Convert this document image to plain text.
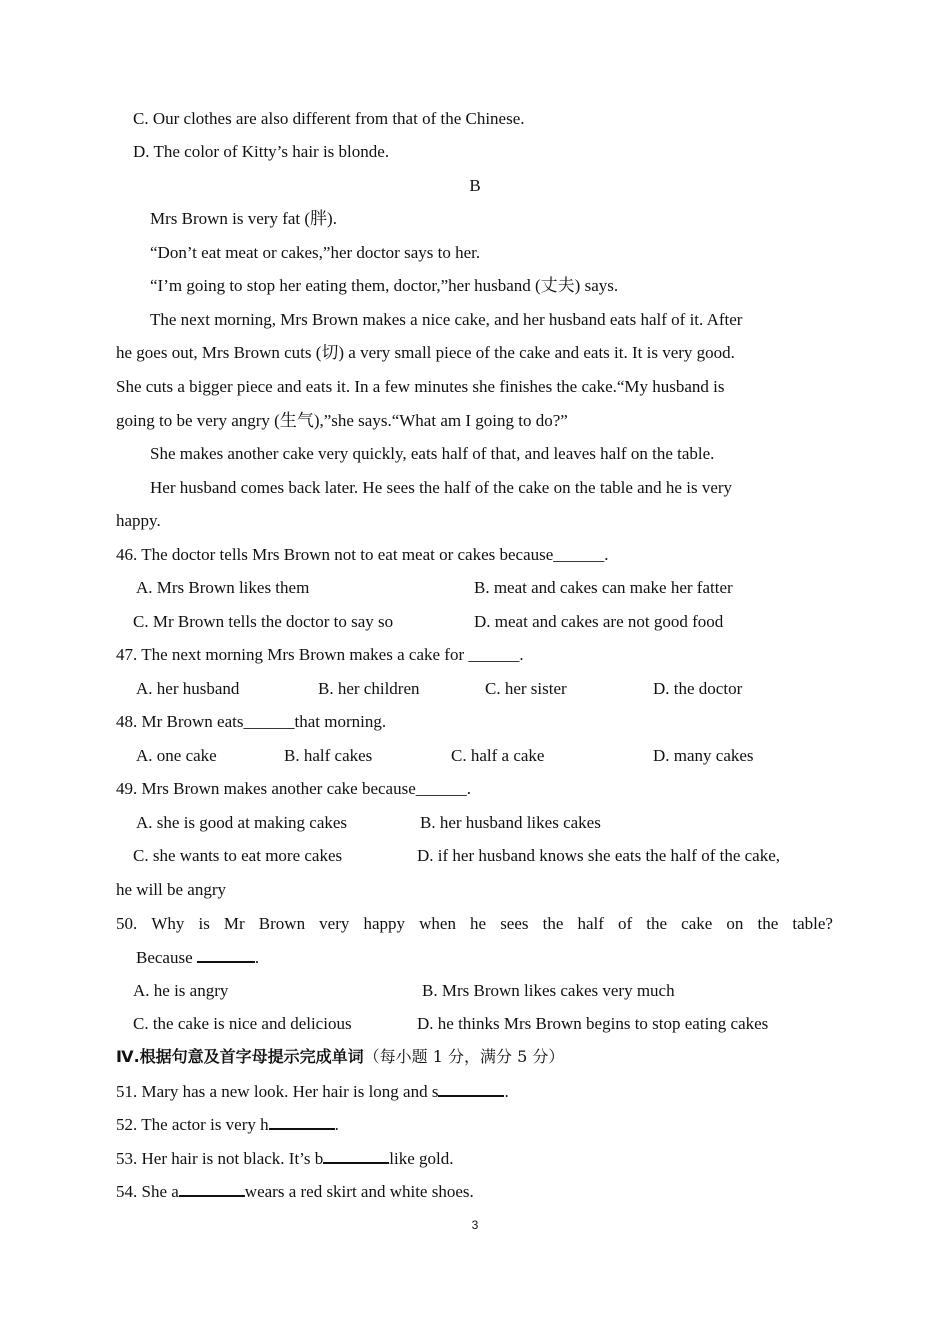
C. Our clothes are also different from that of the Chinese.
D. The color of Kitty’s hair is blonde.
B
Mrs Brown is very fat (胖).
“Don’t eat meat or cakes,”her doctor says to her.
“I’m going to stop her eating them, doctor,”her husband (丈夫) says.
The next morning, Mrs Brown makes a nice cake, and her husband eats half of it. After
he goes out, Mrs Brown cuts (切) a very small piece of the cake and eats it. It is very good.
She cuts a bigger piece and eats it. In a few minutes she finishes the cake.“My husband is
going to be very angry (生气),”she says.“What am I going to do?”
She makes another cake very quickly, eats half of that, and leaves half on the table.
Her husband comes back later. He sees the half of the cake on the table and he is very
happy.
46. The doctor tells Mrs Brown not to eat meat or cakes because______.
A. Mrs Brown likes them	B. meat and cakes can make her fatter
C. Mr Brown tells the doctor to say so	D. meat and cakes are not good food
47. The next morning Mrs Brown makes a cake for ______.
A. her husband	B. her children	C. her sister	D. the doctor
48. Mr Brown eats______that morning.
A. one cake	B. half cakes	C. half a cake	D. many cakes
49. Mrs Brown makes another cake because______.
A. she is good at making cakes	B. her husband likes cakes
C. she wants to eat more cakes	D. if her husband knows she eats the half of the cake,
he will be angry
50. Why is Mr Brown very happy when he sees the half of the cake on the table?
Because	.
A. he is angry	B. Mrs Brown likes cakes very much
C. the cake is nice and delicious	D. he thinks Mrs Brown begins to stop eating cakes
Ⅳ.根据句意及首字母提示完成单词（每小题 1 分，满分 5 分）
51. Mary has a new look. Her hair is long and s	.
52. The actor is very h	.
53. Her hair is not black. It’s b	like gold.
54. She a	wears a red skirt and white shoes.
3
